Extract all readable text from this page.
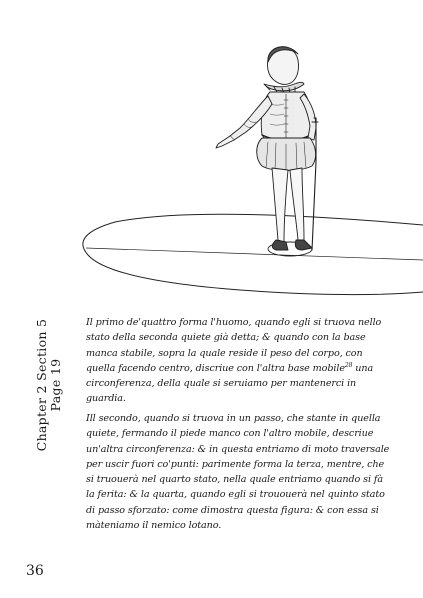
Chapter 2 Section 5 Page 19

Il primo de'quattro forma l'huomo, quando egli si truova nello stato della seconda quiete già detta; & quando con la base manca stabile, sopra la quale reside il peso del corpo, con quella facendo centro, discriue con l'altra base mobile$^{28}$ una circonferenza, della quale si seruiamo per mantenerci in guardia.

Ill secondo, quando si truova in un passo, che stante in quella quiete, fermando il piede manco con l'altro mobile, descriue un'altra circonferenza: & in questa entriamo di moto traversale per uscir fuori co'punti: parimente forma la terza, mentre, che si truouerà nel quarto stato, nella quale entriamo quando si fà la ferita: & la quarta, quando egli si trououerà nel quinto stato di passo sforzato: come dimostra questa figura: & con essa si màteniamo il nemico lotano.

36
